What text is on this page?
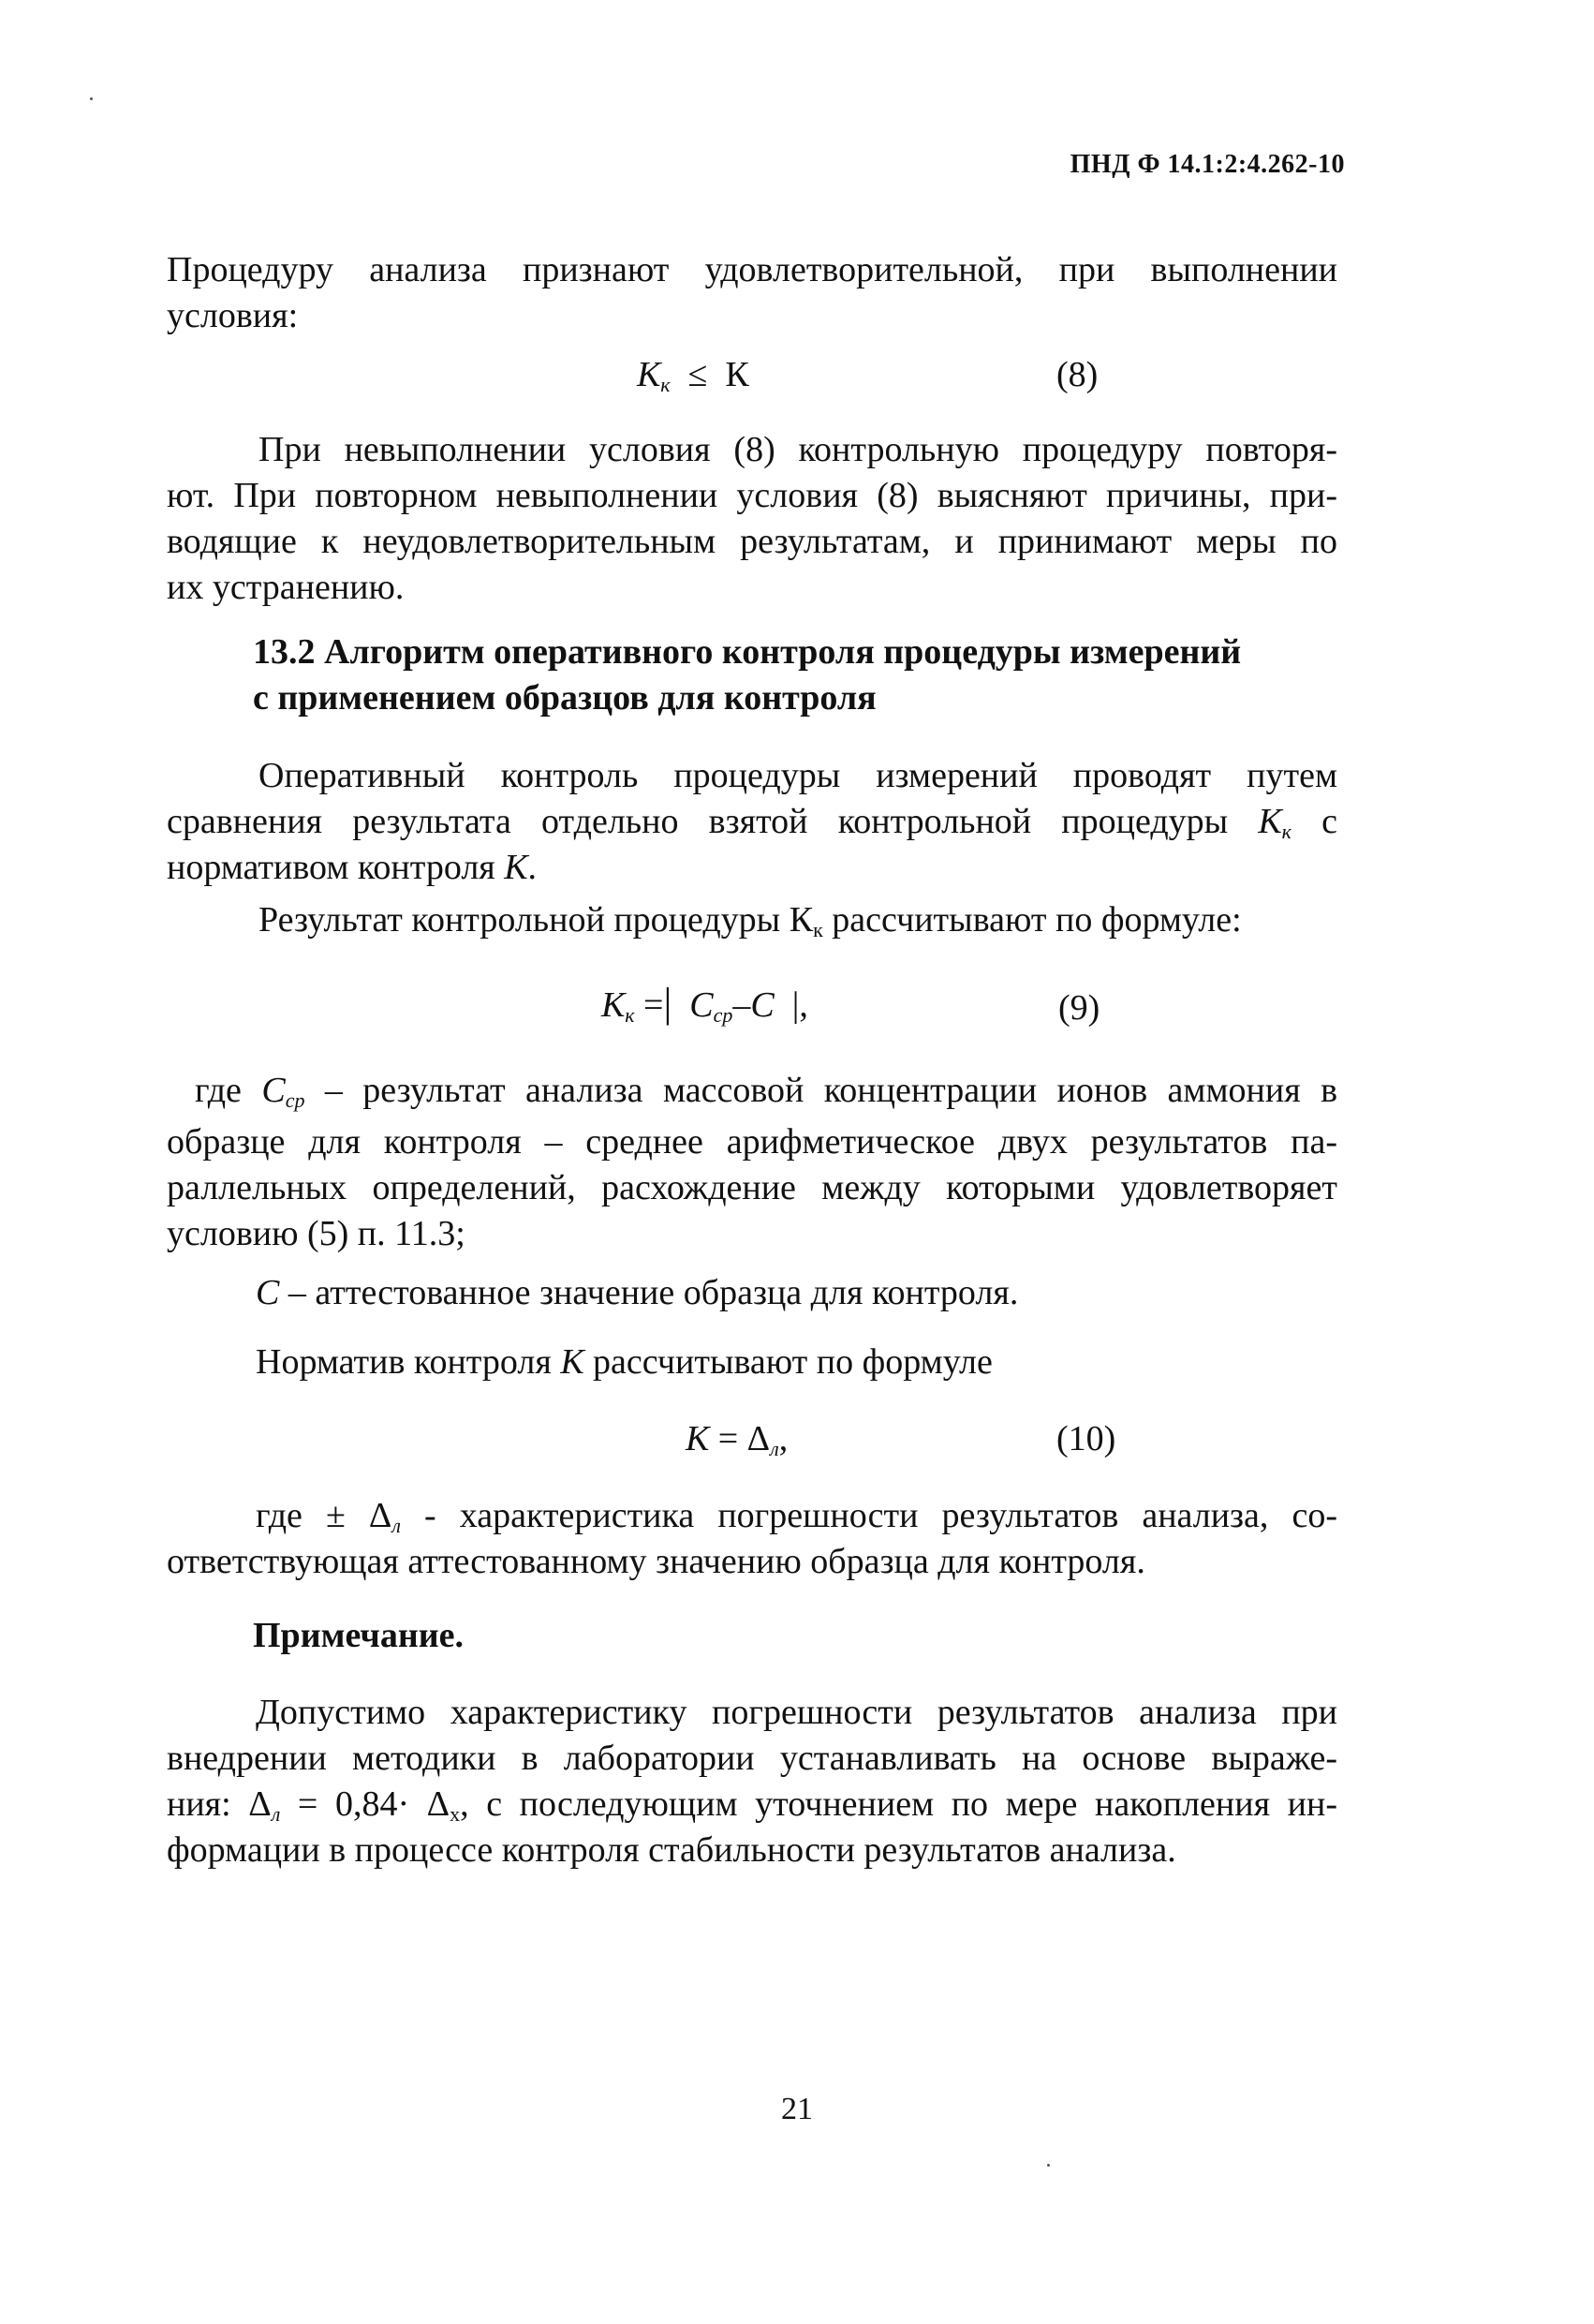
ПНД Ф 14.1:2:4.262-10
Процедуру анализа признают удовлетворительной, при выполнении
условия:
$К_к \le К$	(8)
При невыполнении условия (8) контрольную процедуру повторя-
ют. При повторном невыполнении условия (8) выясняют причины, при-
водящие к неудовлетворительным результатам, и принимают меры по
их устранению.
13.2 Алгоритм оперативного контроля процедуры измерений
с применением образцов для контроля
Оперативный контроль процедуры измерений проводят путем
сравнения результата отдельно взятой контрольной процедуры $К_к$ с
нормативом контроля К.
Результат контрольной процедуры $К_к$ рассчитывают по формуле:
$К_к$ =| $С_{ср}-С$ |,	(9)
где $С_{ср}$ – результат анализа массовой концентрации ионов аммония в
образце для контроля – среднее арифметическое двух результатов па-
раллельных определений, расхождение между которыми удовлетворяет
условию (5) п. 11.3;
С – аттестованное значение образца для контроля.
Норматив контроля К рассчитывают по формуле
$К = \Delta_л$,	(10)
где ± $\Delta_л$ - характеристика погрешности результатов анализа, со-
ответствующая аттестованному значению образца для контроля.
Примечание.
Допустимо характеристику погрешности результатов анализа при
внедрении методики в лаборатории устанавливать на основе выраже-
ния: $\Delta_л = 0,84\cdot \Delta_х$, с последующим уточнением по мере накопления ин-
формации в процессе контроля стабильности результатов анализа.
21
